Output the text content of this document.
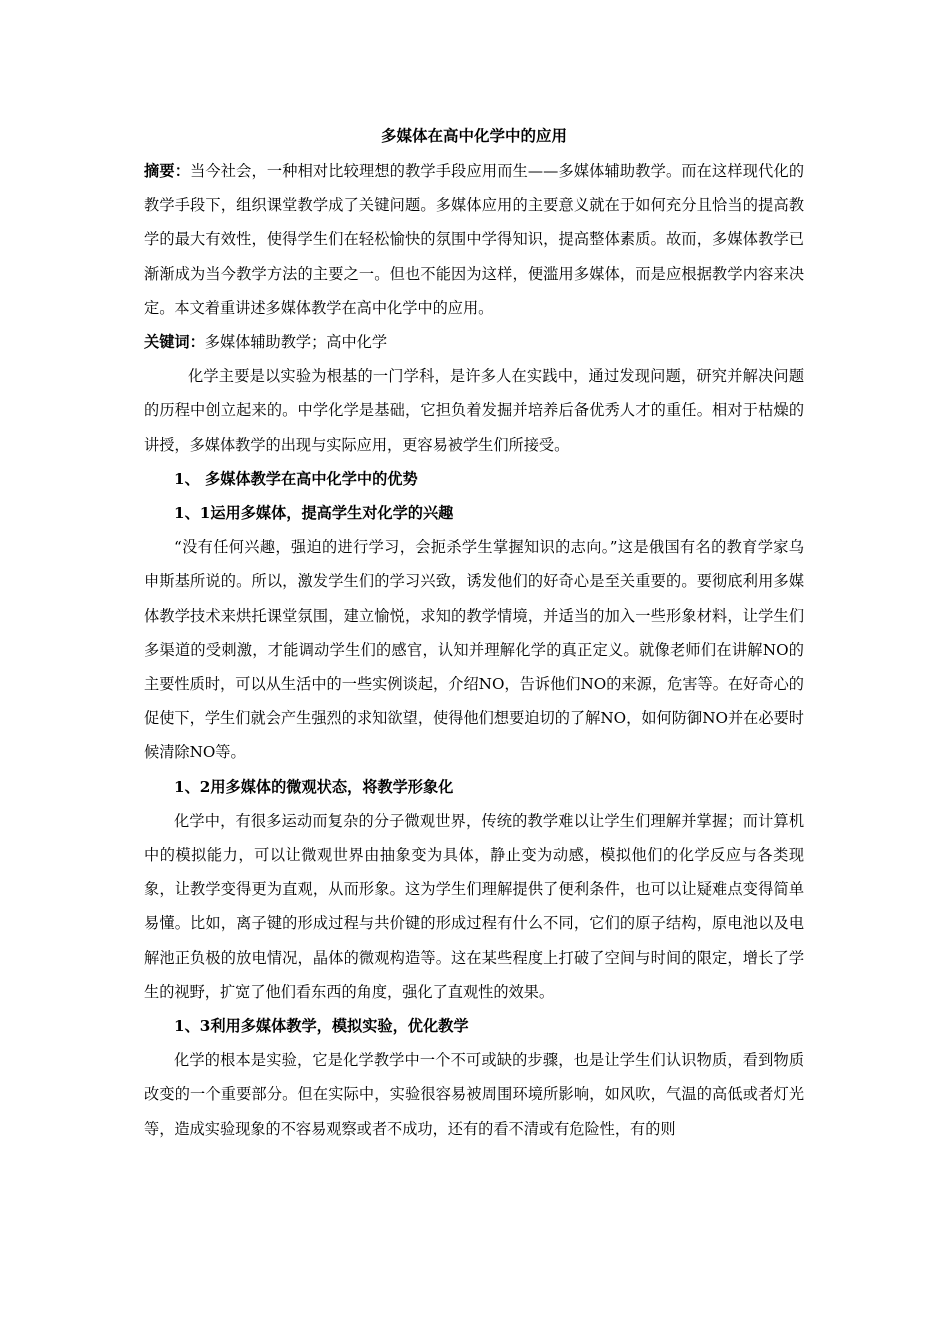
多媒体在高中化学中的应用

摘要：当今社会，一种相对比较理想的教学手段应用而生——多媒体辅助教学。而在这样现代化的教学手段下，组织课堂教学成了关键问题。多媒体应用的主要意义就在于如何充分且恰当的提高教学的最大有效性，使得学生们在轻松愉快的氛围中学得知识，提高整体素质。故而，多媒体教学已渐渐成为当今教学方法的主要之一。但也不能因为这样，便滥用多媒体，而是应根据教学内容来决定。本文着重讲述多媒体教学在高中化学中的应用。

关键词：多媒体辅助教学；高中化学

化学主要是以实验为根基的一门学科，是许多人在实践中，通过发现问题，研究并解决问题的历程中创立起来的。中学化学是基础，它担负着发掘并培养后备优秀人才的重任。相对于枯燥的讲授，多媒体教学的出现与实际应用，更容易被学生们所接受。

1、 多媒体教学在高中化学中的优势

1、1运用多媒体，提高学生对化学的兴趣

“没有任何兴趣，强迫的进行学习，会扼杀学生掌握知识的志向。”这是俄国有名的教育学家乌申斯基所说的。所以，激发学生们的学习兴致，诱发他们的好奇心是至关重要的。要彻底利用多媒体教学技术来烘托课堂氛围，建立愉悦，求知的教学情境，并适当的加入一些形象材料，让学生们多渠道的受刺激，才能调动学生们的感官，认知并理解化学的真正定义。就像老师们在讲解NO的主要性质时，可以从生活中的一些实例谈起，介绍NO，告诉他们NO的来源，危害等。在好奇心的促使下，学生们就会产生强烈的求知欲望，使得他们想要迫切的了解NO，如何防御NO并在必要时候清除NO等。

1、2用多媒体的微观状态，将教学形象化

化学中，有很多运动而复杂的分子微观世界，传统的教学难以让学生们理解并掌握；而计算机中的模拟能力，可以让微观世界由抽象变为具体，静止变为动感，模拟他们的化学反应与各类现象，让教学变得更为直观，从而形象。这为学生们理解提供了便利条件，也可以让疑难点变得简单易懂。比如，离子键的形成过程与共价键的形成过程有什么不同，它们的原子结构，原电池以及电解池正负极的放电情况，晶体的微观构造等。这在某些程度上打破了空间与时间的限定，增长了学生的视野，扩宽了他们看东西的角度，强化了直观性的效果。

1、3利用多媒体教学，模拟实验，优化教学

化学的根本是实验，它是化学教学中一个不可或缺的步骤，也是让学生们认识物质，看到物质改变的一个重要部分。但在实际中，实验很容易被周围环境所影响，如风吹，气温的高低或者灯光等，造成实验现象的不容易观察或者不成功，还有的看不清或有危险性，有的则
